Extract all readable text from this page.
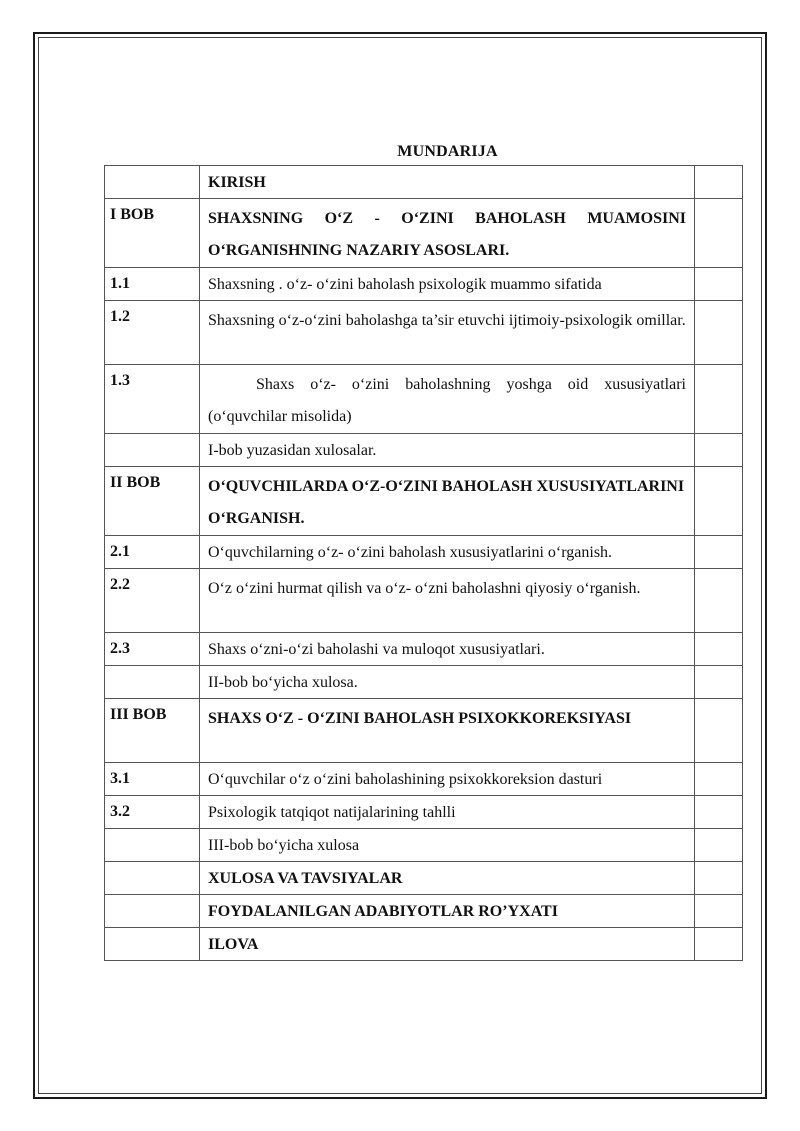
MUNDARIJA
	KIRISH	
I BOB	SHAXSNING O‘Z - O‘ZINI BAHOLASH MUAMOSINI O‘RGANISHNING NAZARIY ASOSLARI.	
1.1	Shaxsning . o‘z- o‘zini baholash psixologik muammo sifatida	
1.2	Shaxsning o‘z-o‘zini baholashga ta’sir etuvchi ijtimoiy-psixologik omillar.	
1.3	Shaxs o‘z- o‘zini baholashning yoshga oid xususiyatlari (o‘quvchilar misolida)	
	I-bob yuzasidan xulosalar.	
II BOB	O‘QUVCHILARDA O‘Z-O‘ZINI BAHOLASH XUSUSIYATLARINI O‘RGANISH.	
2.1	O‘quvchilarning o‘z- o‘zini baholash xususiyatlarini o‘rganish.	
2.2	O‘z o‘zini hurmat qilish va o‘z- o‘zni baholashni qiyosiy o‘rganish.	
2.3	Shaxs o‘zni-o‘zi baholashi va muloqot xususiyatlari.	
	II-bob bo‘yicha xulosa.	
III BOB	SHAXS O‘Z - O‘ZINI BAHOLASH PSIXOKKOREKSIYASI	
3.1	O‘quvchilar o‘z o‘zini baholashining psixokkoreksion dasturi	
3.2	Psixologik tatqiqot natijalarining tahlli	
	III-bob bo‘yicha xulosa	
	XULOSA VA TAVSIYALAR	
	FOYDALANILGAN ADABIYOTLAR RO’YXATI	
	ILOVA	
